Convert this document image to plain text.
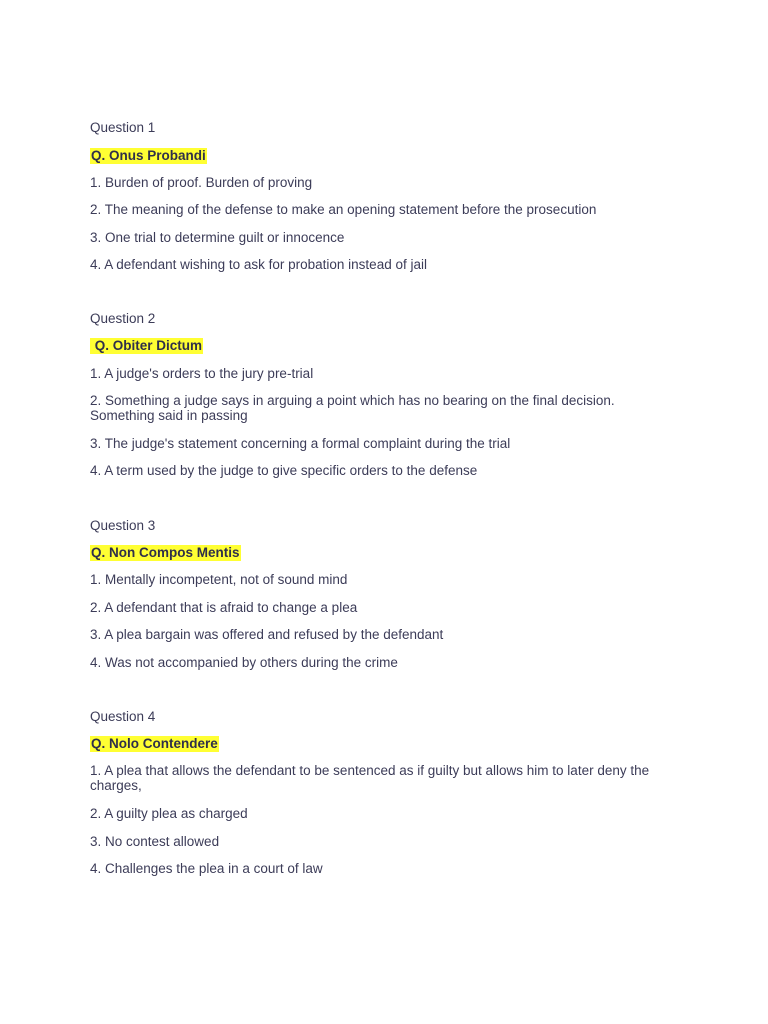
Question 1
Q. Onus Probandi
1. Burden of proof. Burden of proving
2. The meaning of the defense to make an opening statement before the prosecution
3. One trial to determine guilt or innocence
4. A defendant wishing to ask for probation instead of jail
Question 2
Q. Obiter Dictum
1. A judge's orders to the jury pre-trial
2. Something a judge says in arguing a point which has no bearing on the final decision. Something said in passing
3. The judge's statement concerning a formal complaint during the trial
4. A term used by the judge to give specific orders to the defense
Question 3
Q. Non Compos Mentis
1. Mentally incompetent, not of sound mind
2. A defendant that is afraid to change a plea
3. A plea bargain was offered and refused by the defendant
4. Was not accompanied by others during the crime
Question 4
Q. Nolo Contendere
1. A plea that allows the defendant to be sentenced as if guilty but allows him to later deny the charges,
2. A guilty plea as charged
3. No contest allowed
4. Challenges the plea in a court of law
